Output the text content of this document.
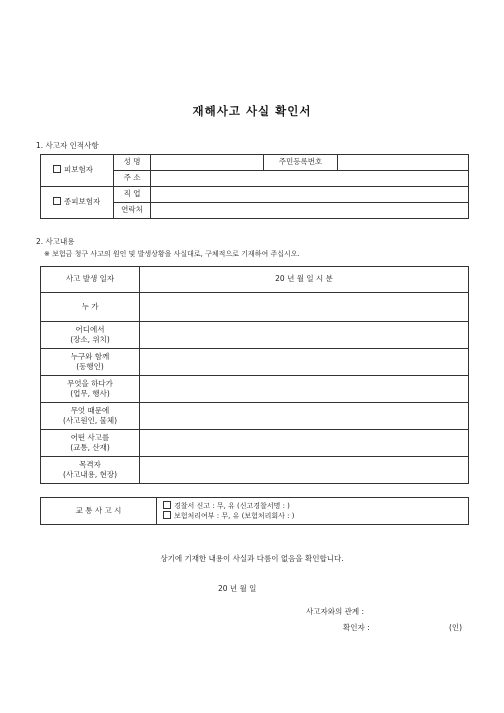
재해사고 사실 확인서
1. 사고자 인적사항
피보험자	성 명		주민등록번호	
	주 소			
종피보험자	직 업			
	연락처			
2. 사고내용
※ 보험금 청구 사고의 원인 및 발생상황을 사실대로, 구체적으로 기재하여 주십시오.
사고 발생 일자	20 년 월 일 시 분
누 가	

어디에서
(장소, 위치)	

누구와 함께
(동행인)	

무엇을 하다가
(업무, 행사)	

무엇 때문에
(사고원인, 물체)	

어떤 사고를
(교통, 산재)	

목격자
(사고내용, 현장)	

교 통 사 고 시	
경찰서 신고 : 무, 유 (신고경찰서명 : )
보험처리여부 : 무, 유 (보험처리회사 : )
상기에 기재한 내용이 사실과 다름이 없음을 확인합니다.
20 년 월 일
사고자와의 관계 :
확인자 :	(인)
